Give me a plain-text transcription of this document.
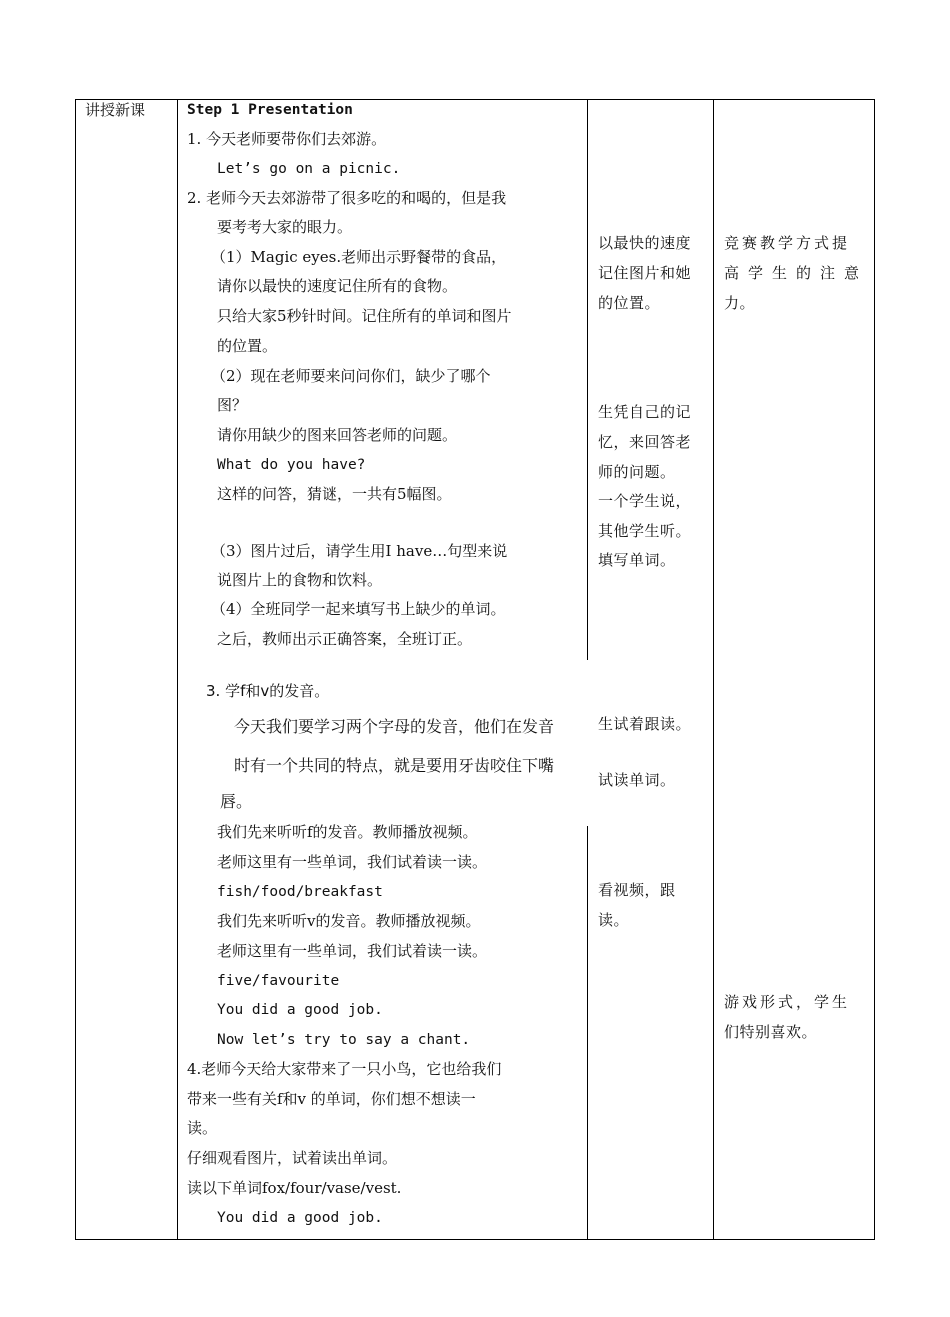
讲授新课	Step 1 Presentation
1. 今天老师要带你们去郊游。
Let’s go on a picnic.
2. 老师今天去郊游带了很多吃的和喝的，但是我
要考考大家的眼力。
（1）Magic eyes.老师出示野餐带的食品，
请你以最快的速度记住所有的食物。
只给大家5秒针时间。记住所有的单词和图片
的位置。
（2）现在老师要来问问你们，缺少了哪个
图？
请你用缺少的图来回答老师的问题。
What do you have?
这样的问答，猜谜，一共有5幅图。
（3）图片过后，请学生用I have…句型来说
说图片上的食物和饮料。
（4）全班同学一起来填写书上缺少的单词。
之后，教师出示正确答案，全班订正。
3. 学f和v的发音。
今天我们要学习两个字母的发音，他们在发音
时有一个共同的特点，就是要用牙齿咬住下嘴
唇。
我们先来听听f的发音。教师播放视频。
老师这里有一些单词，我们试着读一读。
fish/food/breakfast
我们先来听听v的发音。教师播放视频。
老师这里有一些单词，我们试着读一读。
five/favourite
You did a good job.
Now let’s try to say a chant.
4.老师今天给大家带来了一只小鸟，它也给我们
带来一些有关f和v 的单词，你们想不想读一
读。
仔细观看图片，试着读出单词。
读以下单词fox/four/vase/vest.
You did a good job.
以最快的速度
记住图片和她
的位置。
生凭自己的记
忆，来回答老
师的问题。
一个学生说，
其他学生听。
填写单词。
生试着跟读。
试读单词。
看视频，跟
读。
竞赛教学方式提
高学生的注意
力。
游戏形式，学生
们特别喜欢。
